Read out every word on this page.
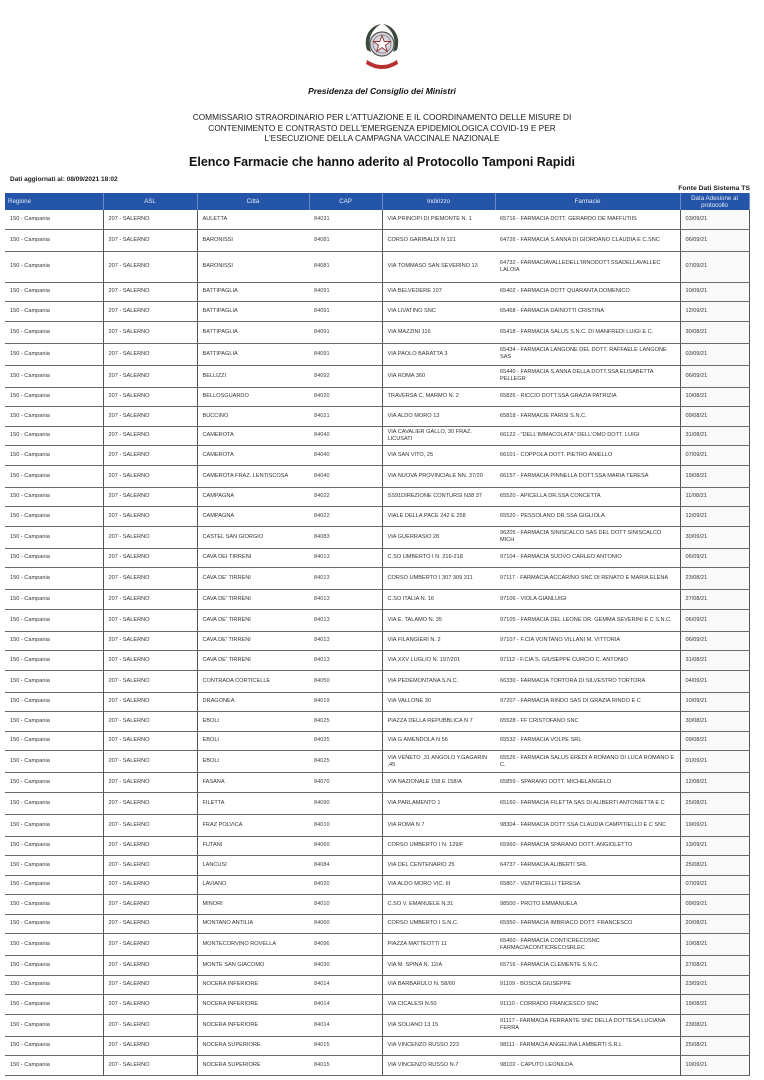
Presidenza del Consiglio dei Ministri
COMMISSARIO STRAORDINARIO PER L'ATTUAZIONE E IL COORDINAMENTO DELLE MISURE DI
CONTENIMENTO E CONTRASTO DELL'EMERGENZA EPIDEMIOLOGICA COVID-19 E PER
L'ESECUZIONE DELLA CAMPAGNA VACCINALE NAZIONALE
Elenco Farmacie che hanno aderito al Protocollo Tamponi Rapidi
Dati aggiornati al: 08/09/2021 18:02
Fonte Dati Sistema TS
Regione	ASL	Città	CAP	Indirizzo	Farmacie	Data Adesione al protocollo
150 - Campania	207 - SALERNO	AULETTA	84031	VIA PRINCIPI DI PIEMONTE N. 1	65716 - FARMACIA DOTT. GERARDO DE MAFFUTIIS	03/09/21
150 - Campania	207 - SALERNO	BARONISSI	84081	CORSO GARIBALDI N 121	64726 - FARMACIA S.ANNA DI GIORDANO CLAUDIA E C.SNC	06/09/21
150 - Campania	207 - SALERNO	BARONISSI	84081	VIA TOMMASO SAN SEVERINO 13	64732 - FARMACIAVALLEDELL'IRNODOTT.SSADELLAVALLEC LALOIA	07/09/21
150 - Campania	207 - SALERNO	BATTIPAGLIA	84091	VIA BELVEDERE 107	65402 - FARMACIA DOTT QUARANTA DOMENICO	10/09/21
150 - Campania	207 - SALERNO	BATTIPAGLIA	84091	VIA LIVATINO SNC	65468 - FARMACIA DAINOTTI CRISTINA	12/09/21
150 - Campania	207 - SALERNO	BATTIPAGLIA	84091	VIA MAZZINI 116	65418 - FARMACIA SALUS S.N.C. DI MANFREDI LUIGI E C.	30/08/21
150 - Campania	207 - SALERNO	BATTIPAGLIA	84091	VIA PAOLO BARATTA 3	65434 - FARMACIA LANGONE DEL DOTT. RAFFAELE LANGONE SAS	03/09/21
150 - Campania	207 - SALERNO	BELLIZZI	84092	VIA ROMA 360	65440 - FARMACIA S.ANNA DELLA DOTT.SSA ELISABETTA PELLEGR	06/09/21
150 - Campania	207 - SALERNO	BELLOSGUARDO	84020	TRAVERSA C. MARMO N. 2	65826 - RICCIO DOTT.SSA GRAZIA PATRIZIA	10/08/21
150 - Campania	207 - SALERNO	BUCCINO	84021	VIA ALDO MORO 13	65818 - FARMACIE PARISI S.N.C.	09/08/21
150 - Campania	207 - SALERNO	CAMEROTA	84040	VIA CAVALIER GALLO, 30 FRAZ. LICUSATI	66122 - "DELL'IMMACOLATA" DELL'OMO DOTT. LUIGI	31/08/21
150 - Campania	207 - SALERNO	CAMEROTA	84040	VIA SAN VITO, 25	66101 - COPPOLA DOTT. PIETRO ANIELLO	07/09/21
150 - Campania	207 - SALERNO	CAMEROTA FRAZ. LENTISCOSA	84040	VIA NUOVA PROVINCIALE NN. 37/20	66157 - FARMACIA PINNELLA DOTT.SSA MARIA TERESA	19/08/21
150 - Campania	207 - SALERNO	CAMPAGNA	84022	SS91DIREZIONE CONTURSI N38 37	65520 - APICELLA DR.SSA CONCETTA	11/08/21
150 - Campania	207 - SALERNO	CAMPAGNA	84022	VIALE DELLA PACE 242 E 258	65520 - PESSOLANO DR.SSA GIGLIOLA	12/09/21
150 - Campania	207 - SALERNO	CASTEL SAN GIORGIO	84083	VIA GUERRASIO 28	96205 - FARMACIA SINISCALCO SAS DEL DOTT SINISCALCO MICH	30/09/21
150 - Campania	207 - SALERNO	CAVA DEI TIRRENI	84013	C.SO UMBERTO I N. 216-218	97104 - FARMACIA SUOVO CARLEO ANTONIO	06/09/21
150 - Campania	207 - SALERNO	CAVA DE' TIRRENI	84013	CORSO UMBERTO I 307 309 311	97117 - FARMACIA ACCARINO SNC DI RENATO E MARIA ELENA	23/08/21
150 - Campania	207 - SALERNO	CAVA DE' TIRRENI	84013	C.SO ITALIA N. 16	97106 - VIOLA GIANLUIGI	27/08/21
150 - Campania	207 - SALERNO	CAVA DE' TIRRENI	84013	VIA E. TALAMO N. 35	97105 - FARMACIA DEL LEONE DR. GEMMA SEVERINI E C S.N.C.	06/09/21
150 - Campania	207 - SALERNO	CAVA DE' TIRRENI	84013	VIA FILANGIERI N. 2	97107 - F.CIA VONTANO VILLANI M. VITTORIA	06/09/21
150 - Campania	207 - SALERNO	CAVA DE' TIRRENI	84013	VIA XXV LUGLIO N. 197/201	97112 - F.CIA S. GIUSEPPE CURCIO C. ANTONIO	31/08/21
150 - Campania	207 - SALERNO	CONTRADA CORTICELLE	84050	VIA PEDEMONTANA S.N.C.	66330 - FARMACIA TORTORA DI SILVESTRO TORTORA	04/09/21
150 - Campania	207 - SALERNO	DRAGONEA	84019	VIA VALLONE 30	97207 - FARMACIA RINDO SAS DI GRAZIA RINDO E C	10/09/21
150 - Campania	207 - SALERNO	EBOLI	84025	PIAZZA DELLA REPUBBLICA N 7	65528 - FF CRISTOFANO SNC	30/08/21
150 - Campania	207 - SALERNO	EBOLI	84025	VIA G AMENDOLA N 56	65532 - FARMACIA VOLPE SRL	09/08/21
150 - Campania	207 - SALERNO	EBOLI	84025	VIA VENETO ,31 ANGOLO Y.GAGARIN ,45	65526 - FARMACIA SALUS EREDI A ROMANO DI LUCA ROMANO E C.	01/09/21
150 - Campania	207 - SALERNO	FASANA	84070	VIA NAZIONALE 158 E 158/A	65859 - SPARANO DOTT. MICHELANGELO	12/08/21
150 - Campania	207 - SALERNO	FILETTA	84090	VIA PARLAMENTO 1	65160 - FARMACIA FILETTA SAS DI ALIBERTI ANTONIETTA E C	25/08/21
150 - Campania	207 - SALERNO	FRAZ POLVICA	84010	VIA ROMA N 7	98304 - FARMACIA DOTT SSA CLAUDIA CAMPITIELLO E C SNC	19/09/21
150 - Campania	207 - SALERNO	FUTANI	84060	CORSO UMBERTO I N. 129/F	65960 - FARMACIA SPARANO DOTT. ANGIOLETTO	13/09/21
150 - Campania	207 - SALERNO	LANCUSI	84084	VIA DEL CENTENARIO 25	64737 - FARMACIA ALIBERTI SRL	25/08/21
150 - Campania	207 - SALERNO	LAVIANO	84020	VIA ALDO MORO VIC. III	65807 - VENTRICELLI TERESA	07/09/21
150 - Campania	207 - SALERNO	MINORI	84010	C.SO V. EMANUELE N.31	98500 - PROTO EMMANUELA	09/09/21
150 - Campania	207 - SALERNO	MONTANO ANTILIA	84060	CORSO UMBERTO I S.N.C.	65950 - FARMACIA IMBRIACO DOTT. FRANCESCO	20/08/21
150 - Campania	207 - SALERNO	MONTECORVINO ROVELLA	84096	PIAZZA MATTEOTTI 11	65460 - FARMACIA CONTICRECOSNC FARMACIACONTICRECOSRLEC	10/08/21
150 - Campania	207 - SALERNO	MONTE SAN GIACOMO	84030	VIA M. SPINA N. 12/A	65716 - FARMACIA CLEMENTE S.N.C.	27/08/21
150 - Campania	207 - SALERNO	NOCERA INFERIORE	84014	VIA BARBARULO N. 58/60	91109 - BOSCIA GIUSEPPE	23/09/21
150 - Campania	207 - SALERNO	NOCERA INFERIORE	84014	VIA CICALESI N.50	91110 - CORRADO FRANCESCO SNC	19/08/21
150 - Campania	207 - SALERNO	NOCERA INFERIORE	84014	VIA SOLIANO 13 15	91117 - FARMACIA FERRANTE SNC DELLA DOTTESA LUCIANA FERRA	23/08/21
150 - Campania	207 - SALERNO	NOCERA SUPERIORE	84015	VIA VINCENZO RUSSO 223	98111 - FARMACIA ANGELINA LAMBERTI S.R.L	25/08/21
150 - Campania	207 - SALERNO	NOCERA SUPERIORE	84015	VIA VINCENZO RUSSO N.7	98102 - CAPUTO LEONILDA	10/09/21
